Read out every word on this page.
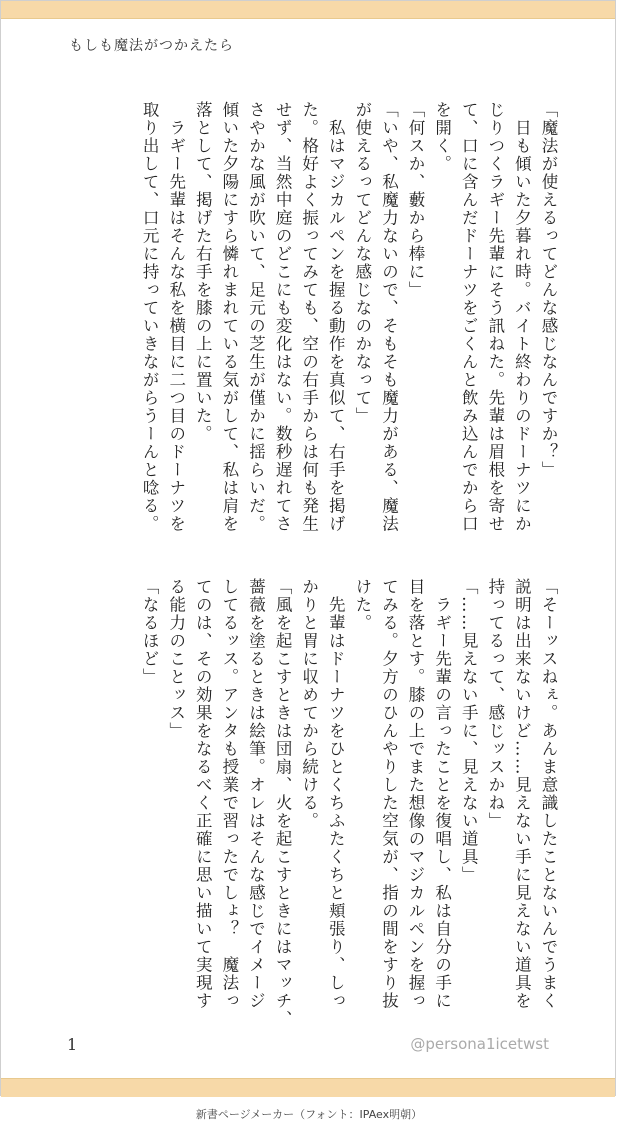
もしも魔法がつかえたら
「魔法が使えるってどんな感じなんですか？」
　日も傾いた夕暮れ時。バイト終わりのドーナツにか
じりつくラギー先輩にそう訊ねた。先輩は眉根を寄せ
て、口に含んだドーナツをごくんと飲み込んでから口
を開く。
「何スか、藪から棒に」
「いや、私魔力ないので、そもそも魔力がある、魔法
が使えるってどんな感じなのかなって」
　私はマジカルペンを握る動作を真似て、右手を掲げ
た。格好よく振ってみても、空の右手からは何も発生
せず、当然中庭のどこにも変化はない。数秒遅れてさ
さやかな風が吹いて、足元の芝生が僅かに揺らいだ。
傾いた夕陽にすら憐れまれている気がして、私は肩を
落として、掲げた右手を膝の上に置いた。
　ラギー先輩はそんな私を横目に二つ目のドーナツを
取り出して、口元に持っていきながらうーんと唸る。
「そーッスねぇ。あんま意識したことないんでうまく
説明は出来ないけど……見えない手に見えない道具を
持ってるって、感じッスかね」
「……見えない手に、見えない道具」
　ラギー先輩の言ったことを復唱し、私は自分の手に
目を落とす。膝の上でまた想像のマジカルペンを握っ
てみる。夕方のひんやりした空気が、指の間をすり抜
けた。
　先輩はドーナツをひとくちふたくちと頬張り、しっ
かりと胃に収めてから続ける。
「風を起こすときは団扇、火を起こすときにはマッチ、
薔薇を塗るときは絵筆。オレはそんな感じでイメージ
してるッス。アンタも授業で習ったでしょ？　魔法っ
てのは、その効果をなるべく正確に思い描いて実現す
る能力のことッス」
「なるほど」
1	@persona1icetwst
新書ページメーカー（フォント：IPAex明朝）
